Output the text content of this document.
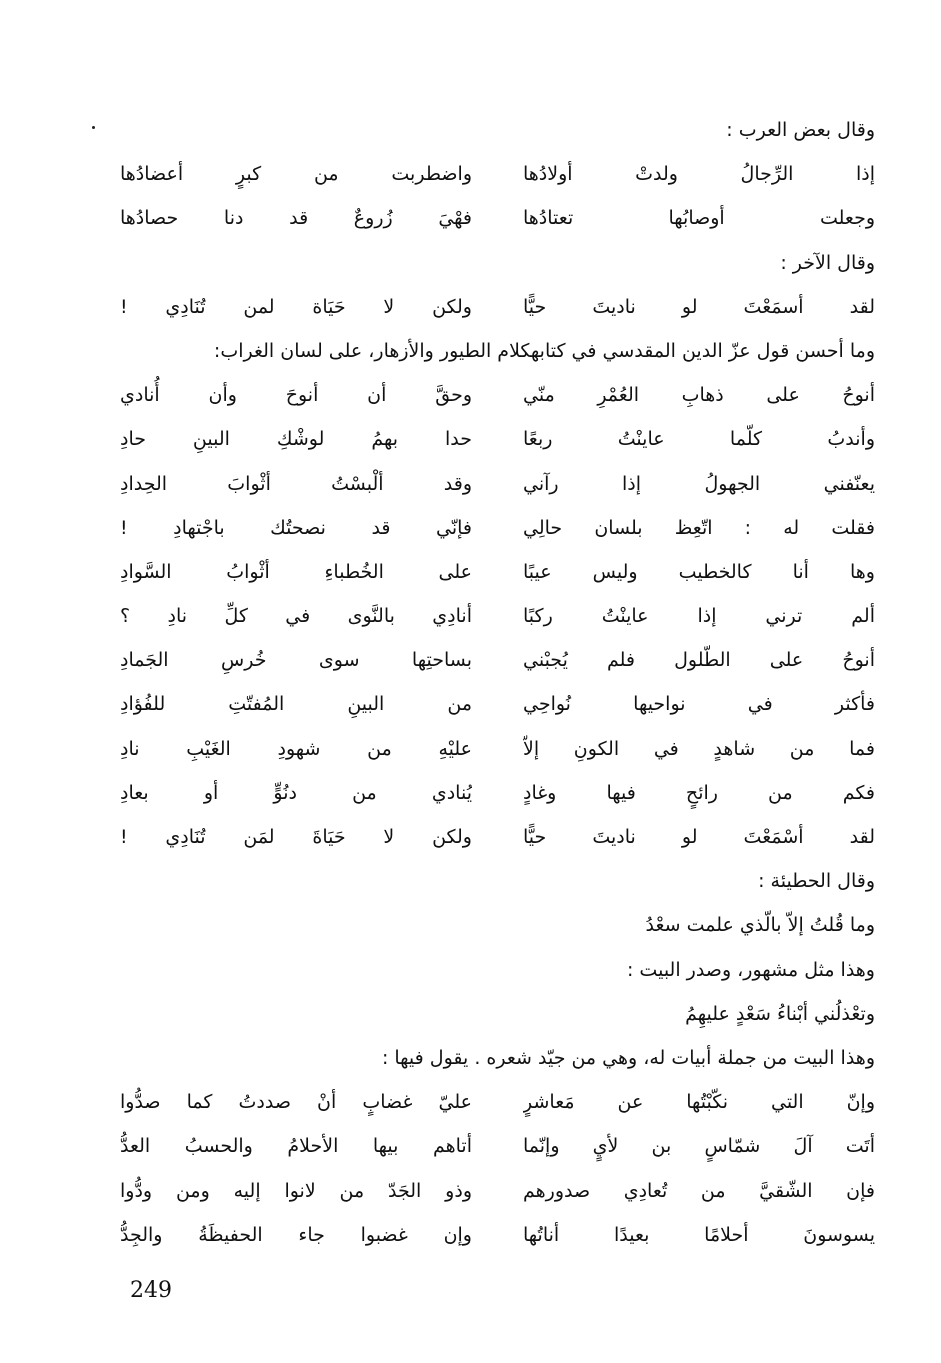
وقال بعض العرب :
إذا الرِّجالُ ولدتْ أولادُها
واضطربت من كبرٍ أعضادُها
وجعلت أوصابُها تعتادُها
فهْيَ زُروعٌ قد دنا حصادُها
وقال الآخر :
لقد أسمَعْتَ لو ناديتَ حيًّا
ولكن لا حَيَاة لمن تُنَادِي !
وما أحسن قول عزّ الدين المقدسي في كتابهكلام الطيور والأزهار، على لسان الغراب:
أنوحُ على ذهابِ العُمْرِ منّي
وحقَّ أن أنوحَ وأن أُنادي
وأندبُ كلّما عاينْتُ ربعًا
حدا بهمُ لوشْكِ البينِ حادِ
يعنّفني الجهولُ إذا رآني
وقد ألْبسْتُ أثْوابَ الحِدادِ
فقلت له : اتّعِظ بلسان حالِي
فإنّي قد نصحتُك باجْتهادِ !
وها أنا كالخطيب وليس عيبًا
على الخُطباءِ أثْوابُ السَّوادِ
ألم ترني إذا عاينْتُ ركبًا
أنادِي بالنَّوى في كلِّ نادِ ؟
أنوحُ على الطّلول فلم يُجبْني
بساحتِها سوى خُرسِ الجَمادِ
فأكثر في نواحيها نُواحِي
من البينِ المُفتّتِ للفُؤادِ
فما من شاهدٍ في الكونِ إلاّ
عليْهِ من شهودِ الغَيْبِ نادِ
فكم من رائحٍ فيها وغادٍ
يُنادي من دنُوٍّ أو بعادِ
لقد أسْمَعْتَ لو ناديتَ حيًّا
ولكن لا حَيَاةَ لمَن تُنَادِي !
وقال الحطيئة :
وما قُلتُ إلاّ بالّذي علمت سعْدُ
وهذا مثل مشهور، وصدر البيت :
وتعْذلُني أبْناءُ سَعْدٍ عليهِمُ
وهذا البيت من جملة أبيات له، وهي من جيّد شعره . يقول فيها :
وإنّ التي نكّبْتُها عن مَعاشرٍ
عليّ غضابٍ أنْ صددتُ كما صدُّوا
أتَت آلَ شمّاسٍ بن لأيٍ وإنّما
أتاهم بيها الأحلامُ والحسبُ العدُّ
فإن الشّقيَّ من تُعادِي صدورهم
وذو الجَدّ من لانوا إليه ومن ودُّوا
يسوسونَ أحلامًا بعيدًا أناتُها
وإن غضبوا جاء الحفيظَةُ والجِدُّ
249
